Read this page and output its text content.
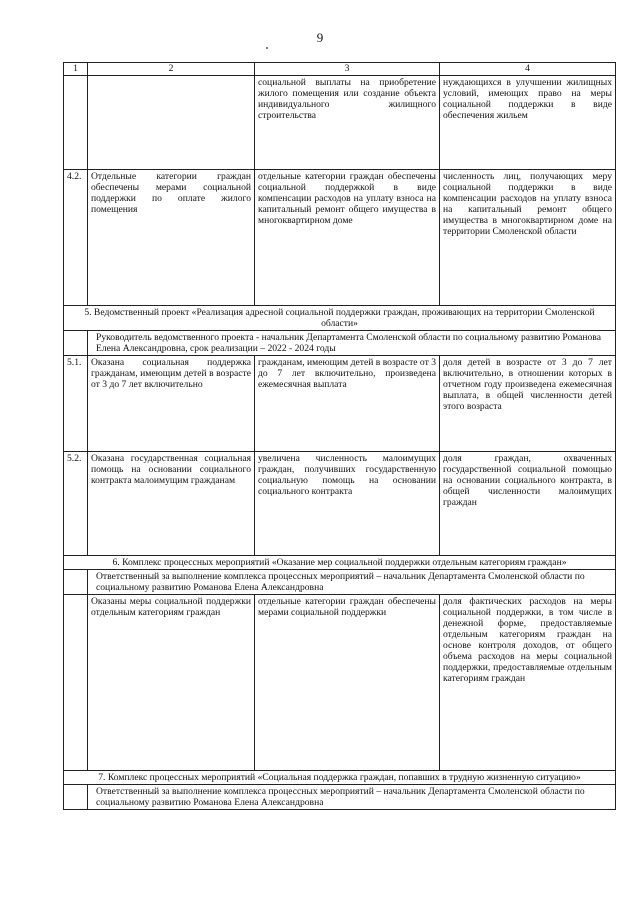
9
1	2	3	4
		социальной выплаты на приобретение жилого помещения или создание объекта индивидуального жилищного строительства	нуждающихся в улучшении жилищных условий, имеющих право на меры социальной поддержки в виде обеспечения жильем
4.2.	Отдельные категории граждан обеспечены мерами социальной поддержки по оплате жилого помещения	отдельные категории граждан обеспечены социальной поддержкой в виде компенсации расходов на уплату взноса на капитальный ремонт общего имущества в многоквартирном доме	численность лиц, получающих меру социальной поддержки в виде компенсации расходов на уплату взноса на капитальный ремонт общего имущества в многоквартирном доме на территории Смоленской области
5. Ведомственный проект «Реализация адресной социальной поддержки граждан, проживающих на территории Смоленской области»			
	Руководитель ведомственного проекта - начальник Департамента Смоленской области по социальному развитию Романова Елена Александровна, срок реализации – 2022 - 2024 годы		
5.1.	Оказана социальная поддержка гражданам, имеющим детей в возрасте от 3 до 7 лет включительно	гражданам, имеющим детей в возрасте от 3 до 7 лет включительно, произведена ежемесячная выплата	доля детей в возрасте от 3 до 7 лет включительно, в отношении которых в отчетном году произведена ежемесячная выплата, в общей численности детей этого возраста
5.2.	Оказана государственная социальная помощь на основании социального контракта малоимущим гражданам	увеличена численность малоимущих граждан, получивших государственную социальную помощь на основании социального контракта	доля граждан, охваченных государственной социальной помощью на основании социального контракта, в общей численности малоимущих граждан
6. Комплекс процессных мероприятий «Оказание мер социальной поддержки отдельным категориям граждан»			
	Ответственный за выполнение комплекса процессных мероприятий – начальник Департамента Смоленской области по социальному развитию Романова Елена Александровна		
	Оказаны меры социальной поддержки отдельным категориям граждан	отдельные категории граждан обеспечены мерами социальной поддержки	доля фактических расходов на меры социальной поддержки, в том числе в денежной форме, предоставляемые отдельным категориям граждан на основе контроля доходов, от общего объема расходов на меры социальной поддержки, предоставляемые отдельным категориям граждан
7. Комплекс процессных мероприятий «Социальная поддержка граждан, попавших в трудную жизненную ситуацию»			
	Ответственный за выполнение комплекса процессных мероприятий – начальник Департамента Смоленской области по социальному развитию Романова Елена Александровна		
